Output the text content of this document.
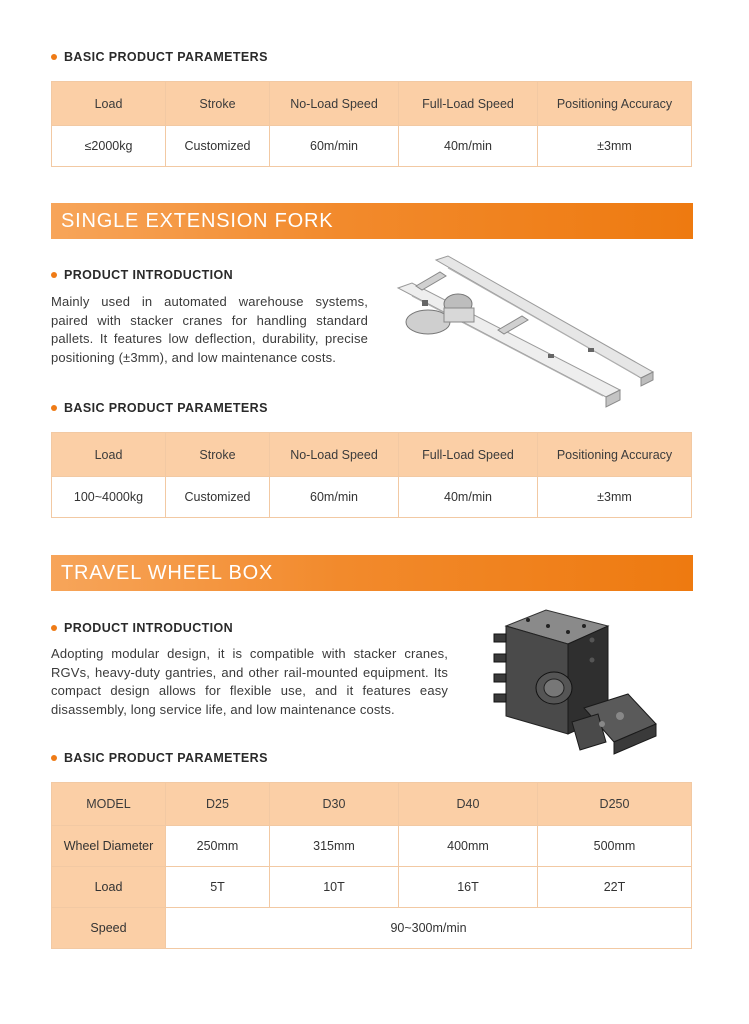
BASIC PRODUCT PARAMETERS
Load	Stroke	No-Load Speed	Full-Load Speed	Positioning Accuracy
≤2000kg	Customized	60m/min	40m/min	±3mm
SINGLE EXTENSION FORK
PRODUCT INTRODUCTION
Mainly used in automated warehouse systems, paired with stacker cranes for handling standard pallets. It features low deflection, durability, precise positioning (±3mm), and low maintenance costs.
BASIC PRODUCT PARAMETERS
Load	Stroke	No-Load Speed	Full-Load Speed	Positioning Accuracy
100~4000kg	Customized	60m/min	40m/min	±3mm
TRAVEL WHEEL BOX
PRODUCT INTRODUCTION
Adopting modular design, it is compatible with stacker cranes, RGVs, heavy-duty gantries, and other rail-mounted equipment. Its compact design allows for flexible use, and it features easy disassembly, long service life, and low maintenance costs.
BASIC PRODUCT PARAMETERS
MODEL	D25	D30	D40	D250
Wheel Diameter	250mm	315mm	400mm	500mm
Load	5T	10T	16T	22T
Speed	90~300m/min			
